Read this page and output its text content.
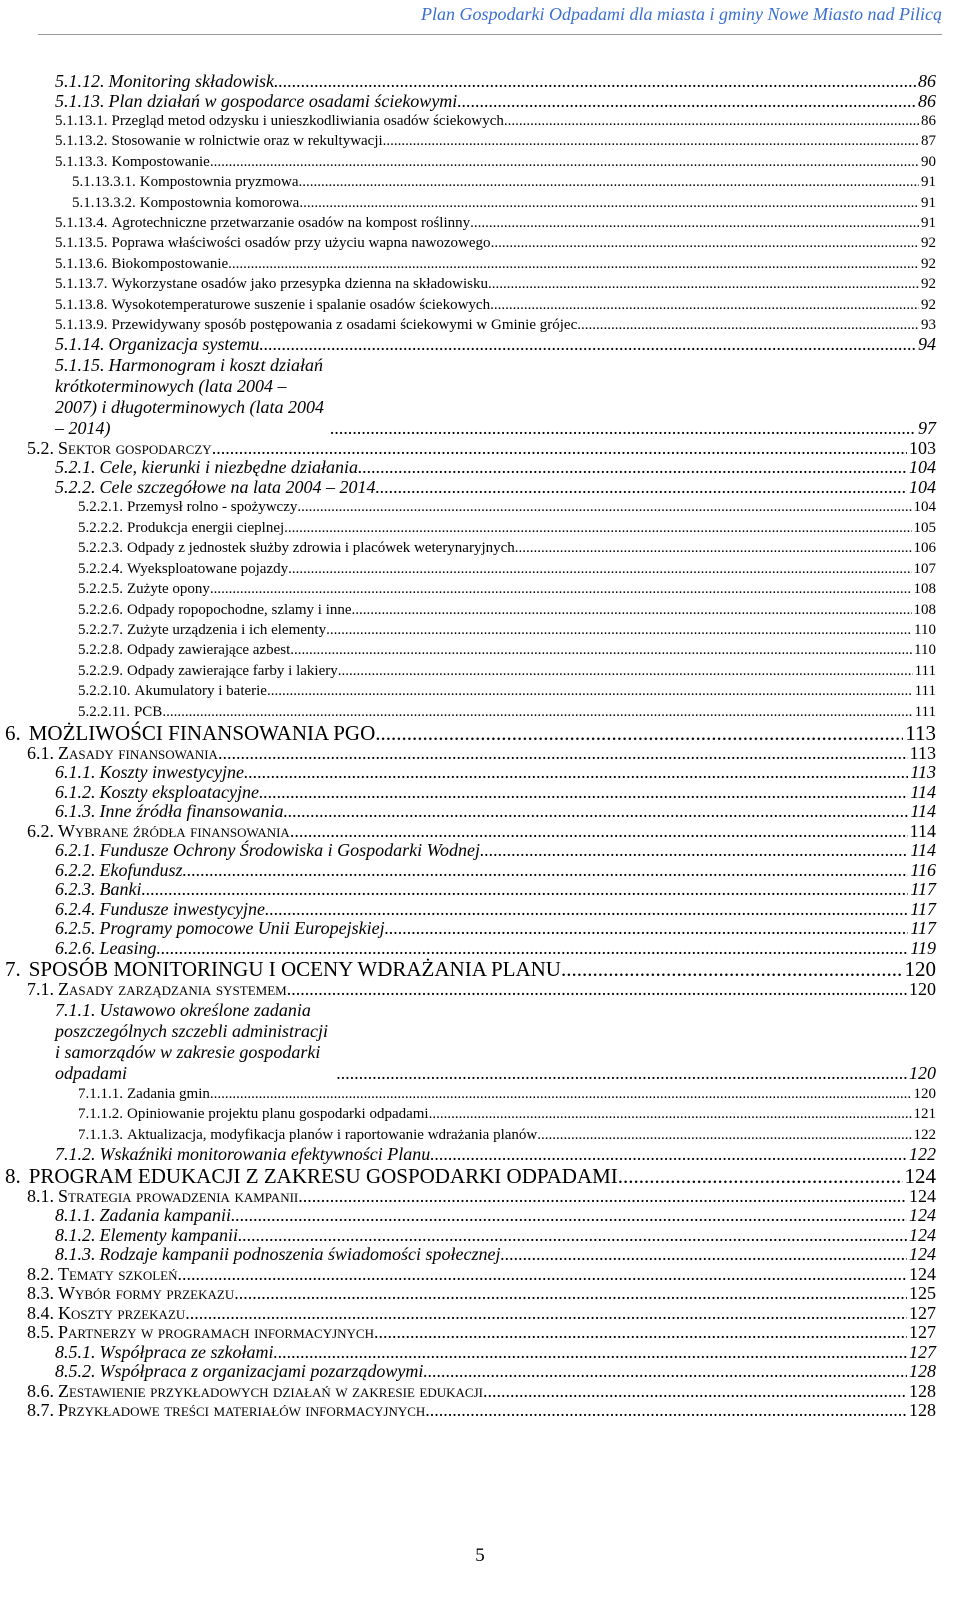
Plan Gospodarki Odpadami dla miasta i gminy Nowe Miasto nad Pilicą
5.1.12. Monitoring składowisk .....	86
5.1.13. Plan działań w gospodarce osadami ściekowymi .....	86
5.1.13.1. Przegląd metod odzysku i unieszkodliwiania osadów ściekowych .....	86
5.1.13.2. Stosowanie w rolnictwie oraz w rekultywacji .....	87
5.1.13.3. Kompostowanie .....	90
5.1.13.3.1. Kompostownia pryzmowa .....	91
5.1.13.3.2. Kompostownia komorowa .....	91
5.1.13.4. Agrotechniczne przetwarzanie osadów na kompost roślinny .....	91
5.1.13.5. Poprawa właściwości osadów przy użyciu wapna nawozowego .....	92
5.1.13.6. Biokompostowanie .....	92
5.1.13.7. Wykorzystane osadów jako przesypka dzienna na składowisku .....	92
5.1.13.8. Wysokotemperaturowe suszenie i spalanie osadów ściekowych .....	92
5.1.13.9. Przewidywany sposób postępowania z osadami ściekowymi w Gminie grójec .....	93
5.1.14. Organizacja systemu .....	94
5.1.15. Harmonogram i koszt działań krótkoterminowych (lata 2004 – 2007) i długoterminowych (lata 2004 – 2014) .....	97
5.2. Sektor gospodarczy .....	103
5.2.1. Cele, kierunki i niezbędne działania .....	104
5.2.2. Cele szczegółowe na lata 2004 – 2014 .....	104
5.2.2.1. Przemysł rolno - spożywczy .....	104
5.2.2.2. Produkcja energii cieplnej .....	105
5.2.2.3. Odpady z jednostek służby zdrowia i placówek weterynaryjnych .....	106
5.2.2.4. Wyeksploatowane pojazdy .....	107
5.2.2.5. Zużyte opony .....	108
5.2.2.6. Odpady ropopochodne, szlamy i inne .....	108
5.2.2.7. Zużyte urządzenia i ich elementy .....	110
5.2.2.8. Odpady zawierające azbest .....	110
5.2.2.9. Odpady zawierające farby i lakiery .....	111
5.2.2.10. Akumulatory i baterie .....	111
5.2.2.11. PCB .....	111
6. MOŻLIWOŚCI FINANSOWANIA PGO .....	113
6.1. Zasady finansowania .....	113
6.1.1. Koszty inwestycyjne .....	113
6.1.2. Koszty eksploatacyjne .....	114
6.1.3. Inne źródła finansowania .....	114
6.2. Wybrane źródła finansowania .....	114
6.2.1. Fundusze Ochrony Środowiska i Gospodarki Wodnej .....	114
6.2.2. Ekofundusz .....	116
6.2.3. Banki .....	117
6.2.4. Fundusze inwestycyjne .....	117
6.2.5. Programy pomocowe Unii Europejskiej .....	117
6.2.6. Leasing .....	119
7. SPOSÓB MONITORINGU I OCENY WDRAŻANIA PLANU .....	120
7.1. Zasady zarządzania systemem .....	120
7.1.1. Ustawowo określone zadania poszczególnych szczebli administracji i samorządów w zakresie gospodarki odpadami .....	120
7.1.1.1. Zadania gmin .....	120
7.1.1.2. Opiniowanie projektu planu gospodarki odpadami .....	121
7.1.1.3. Aktualizacja, modyfikacja planów i raportowanie wdrażania planów .....	122
7.1.2. Wskaźniki monitorowania efektywności Planu .....	122
8. PROGRAM EDUKACJI Z ZAKRESU GOSPODARKI ODPADAMI .....	124
8.1. Strategia prowadzenia kampanii .....	124
8.1.1. Zadania kampanii .....	124
8.1.2. Elementy kampanii .....	124
8.1.3. Rodzaje kampanii podnoszenia świadomości społecznej .....	124
8.2. Tematy szkoleń .....	124
8.3. Wybór formy przekazu .....	125
8.4. Koszty przekazu .....	127
8.5. Partnerzy w programach informacyjnych .....	127
8.5.1. Współpraca ze szkołami .....	127
8.5.2. Współpraca z organizacjami pozarządowymi .....	128
8.6. Zestawienie przykładowych działań w zakresie edukacji .....	128
8.7. Przykładowe treści materiałów informacyjnych .....	128
5
